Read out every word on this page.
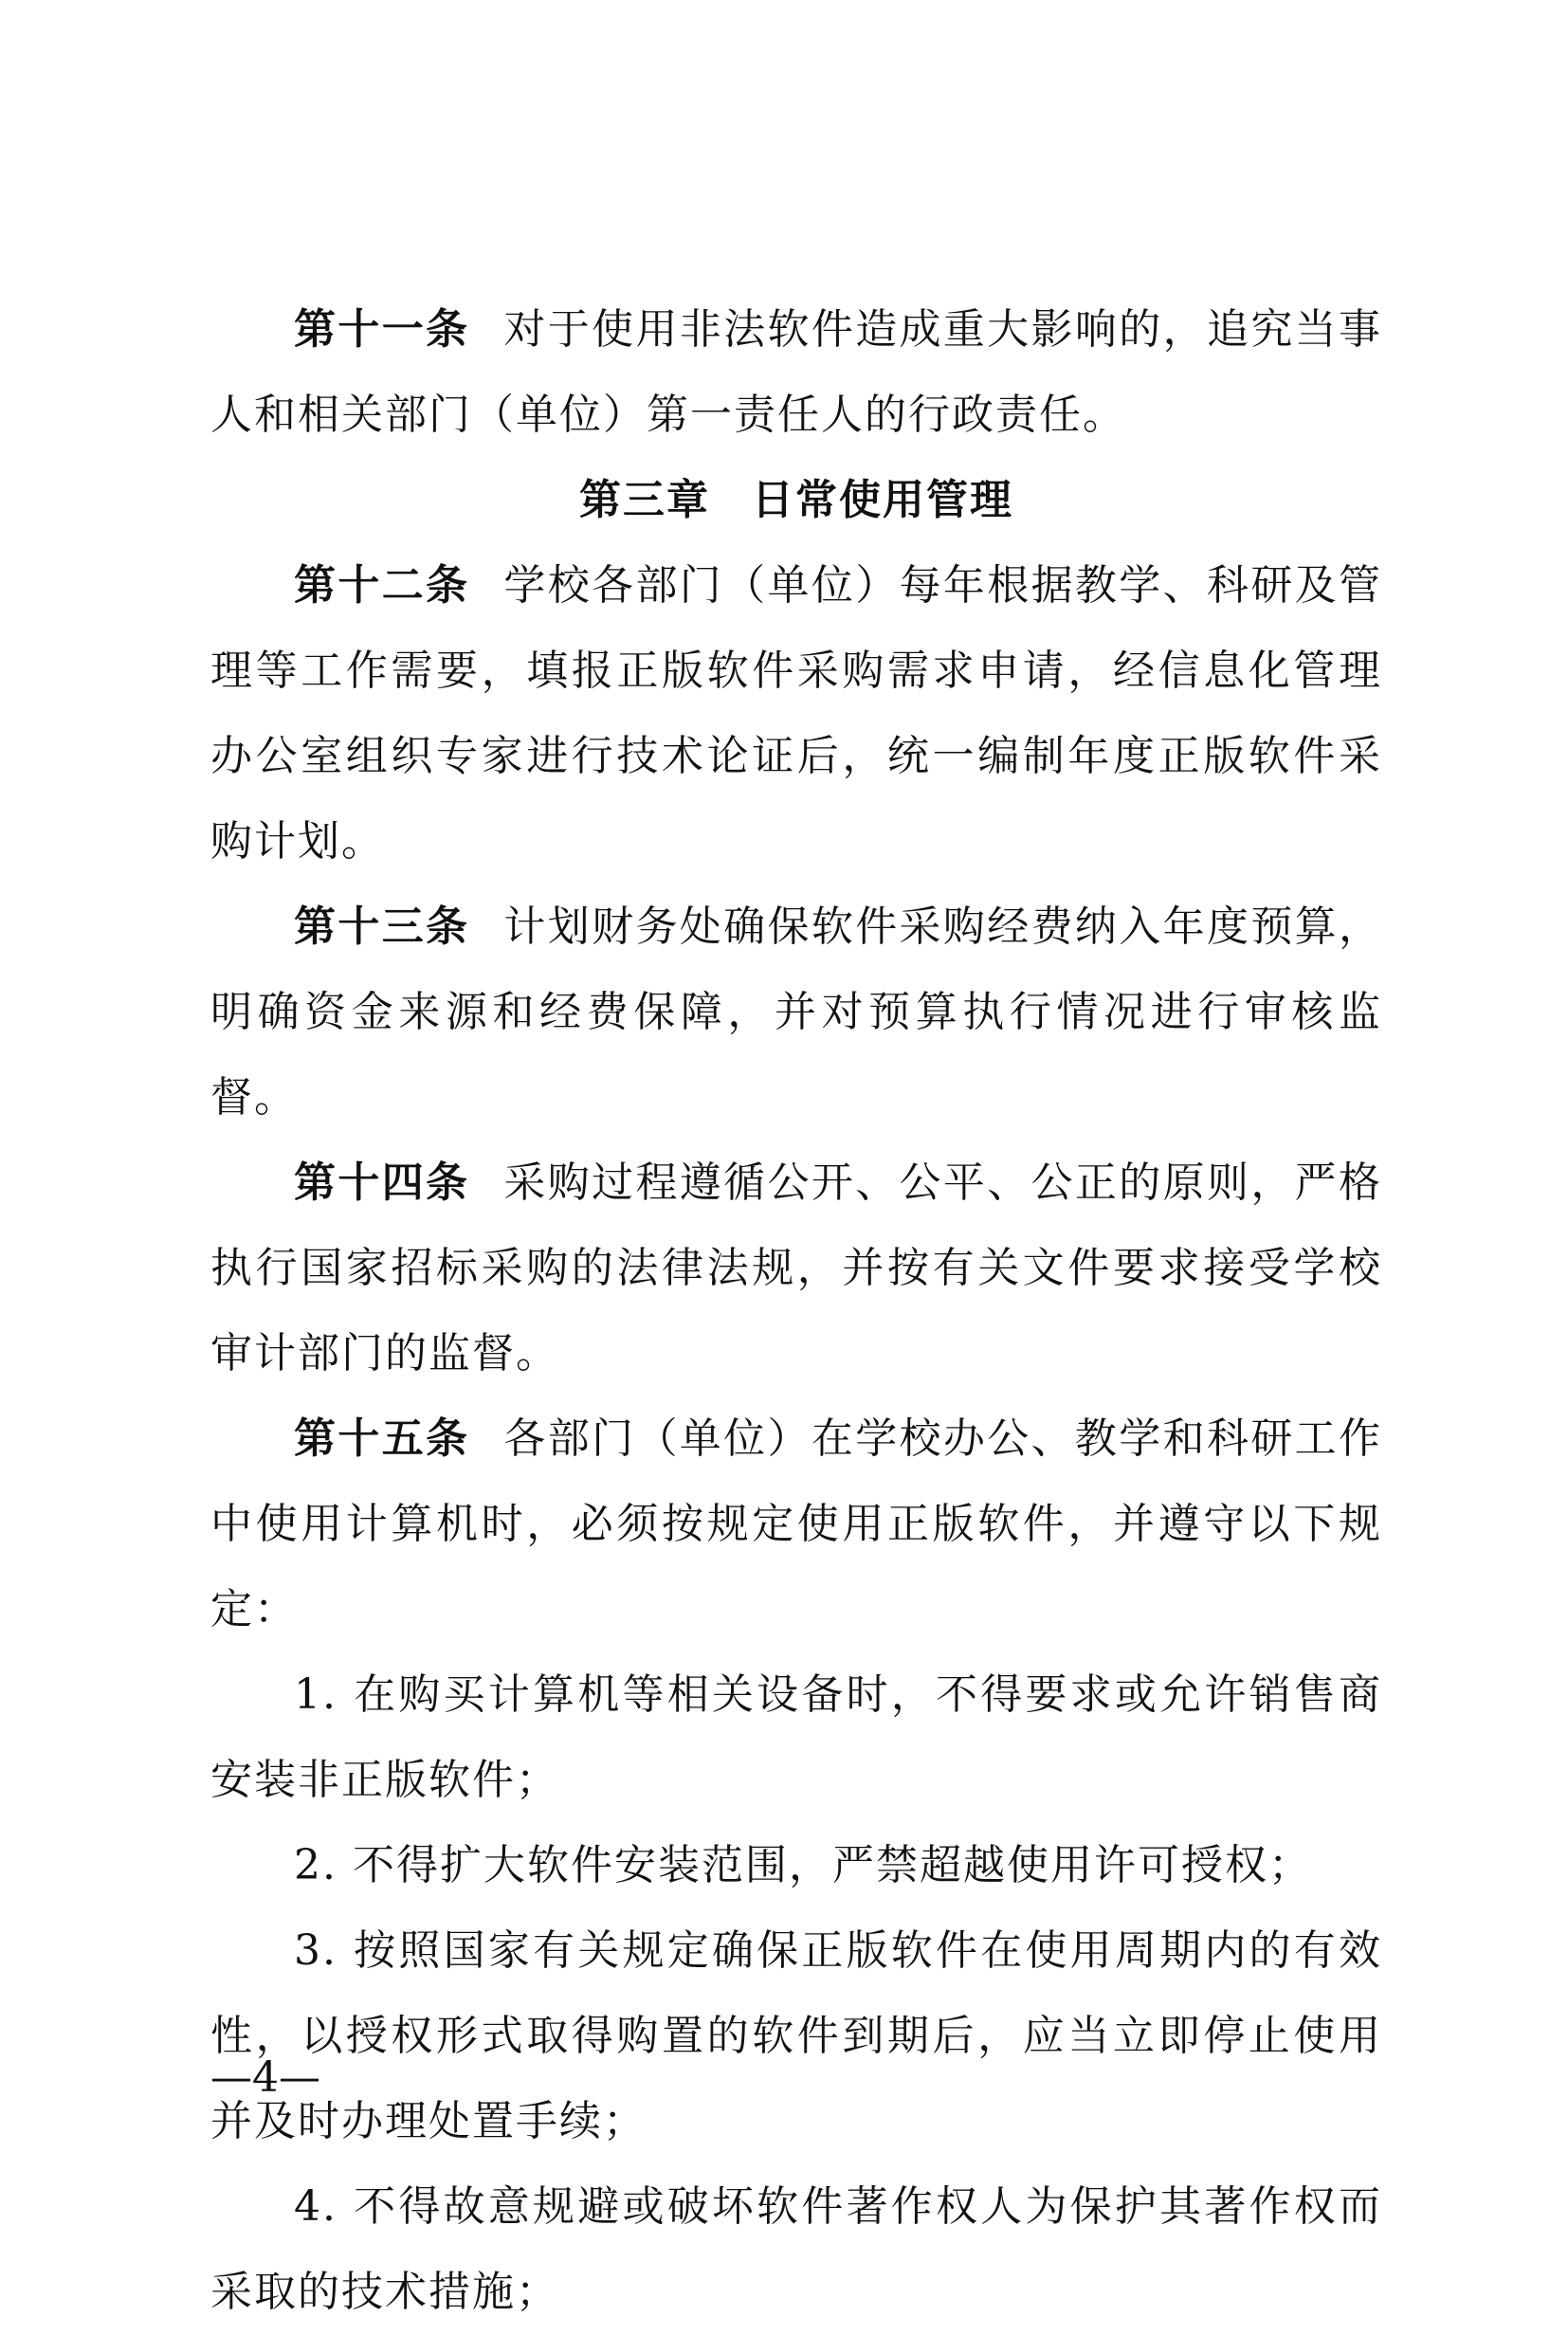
第十一条 对于使用非法软件造成重大影响的，追究当事人和相关部门（单位）第一责任人的行政责任。

第三章 日常使用管理

第十二条 学校各部门（单位）每年根据教学、科研及管理等工作需要，填报正版软件采购需求申请，经信息化管理办公室组织专家进行技术论证后，统一编制年度正版软件采购计划。

第十三条 计划财务处确保软件采购经费纳入年度预算，明确资金来源和经费保障，并对预算执行情况进行审核监督。

第十四条 采购过程遵循公开、公平、公正的原则，严格执行国家招标采购的法律法规，并按有关文件要求接受学校审计部门的监督。

第十五条 各部门（单位）在学校办公、教学和科研工作中使用计算机时，必须按规定使用正版软件，并遵守以下规定：

1. 在购买计算机等相关设备时，不得要求或允许销售商安装非正版软件；

2. 不得扩大软件安装范围，严禁超越使用许可授权；

3. 按照国家有关规定确保正版软件在使用周期内的有效性，以授权形式取得购置的软件到期后，应当立即停止使用并及时办理处置手续；

4. 不得故意规避或破坏软件著作权人为保护其著作权而采取的技术措施；

—4—
